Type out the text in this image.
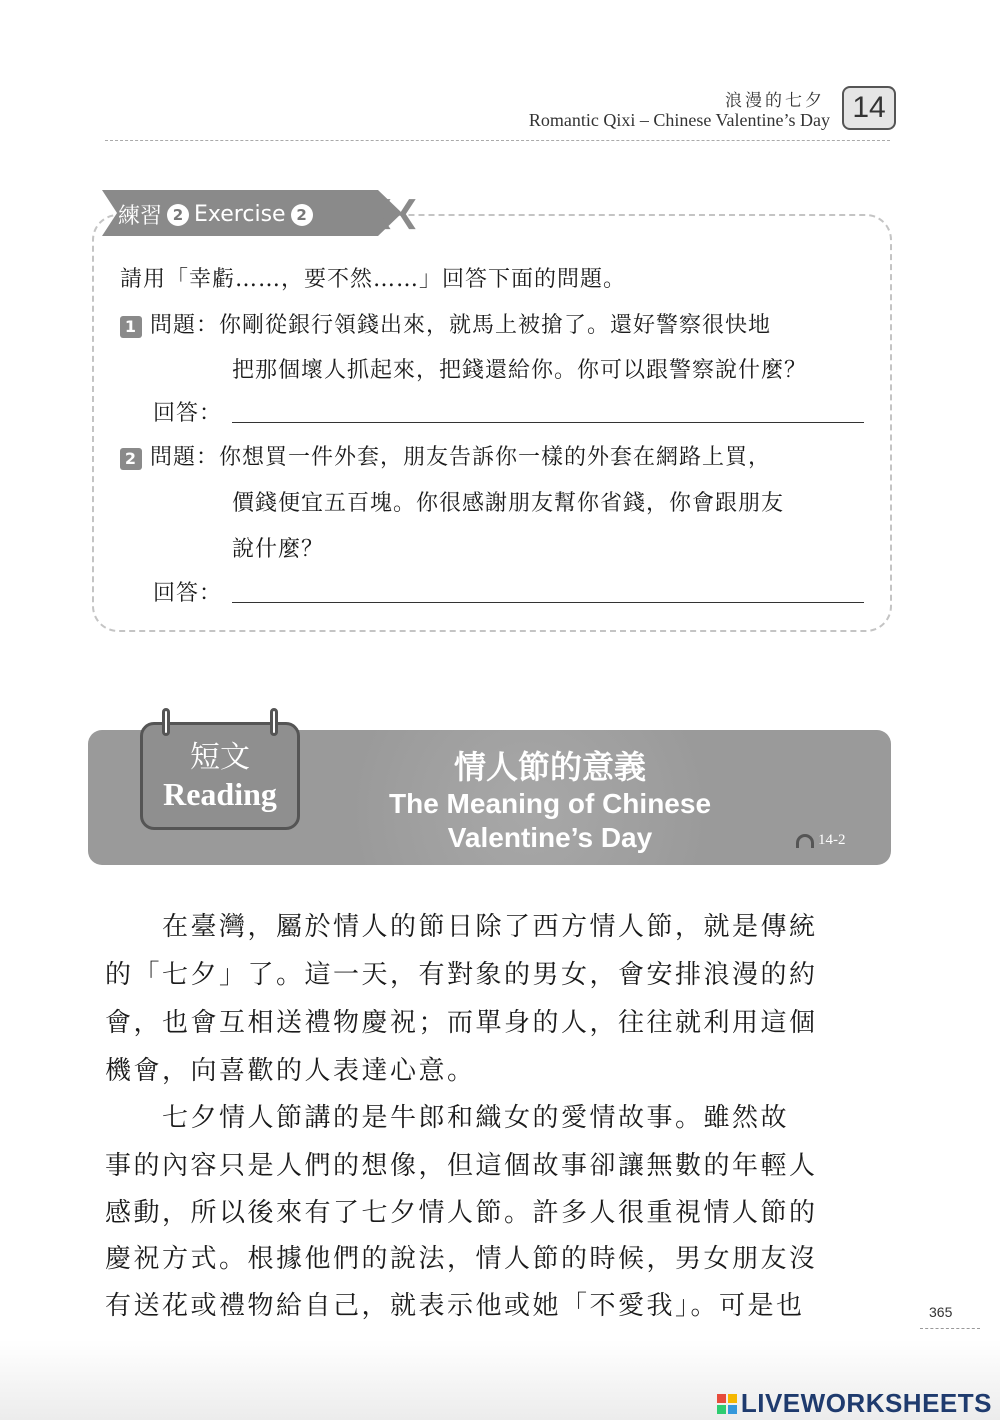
浪漫的七夕
Romantic Qixi – Chinese Valentine’s Day 14
練習 2 Exercise 2 ❮❮
請用「幸虧……，要不然……」回答下面的問題。
1 問題：你剛從銀行領錢出來，就馬上被搶了。還好警察很快地
把那個壞人抓起來，把錢還給你。你可以跟警察說什麼？
回答：
2 問題：你想買一件外套，朋友告訴你一樣的外套在網路上買，
價錢便宜五百塊。你很感謝朋友幫你省錢，你會跟朋友
說什麼？
回答：
短文
Reading
情人節的意義
The Meaning of Chinese
Valentine’s Day	14-2
　　在臺灣，屬於情人的節日除了西方情人節，就是傳統
的「七夕」了。這一天，有對象的男女，會安排浪漫的約
會，也會互相送禮物慶祝；而單身的人，往往就利用這個
機會，向喜歡的人表達心意。
　　七夕情人節講的是牛郎和織女的愛情故事。雖然故
事的內容只是人們的想像，但這個故事卻讓無數的年輕人
感動，所以後來有了七夕情人節。許多人很重視情人節的
慶祝方式。根據他們的說法，情人節的時候，男女朋友沒
有送花或禮物給自己，就表示他或她「不愛我」。可是也	365
LIVEWORKSHEETS
